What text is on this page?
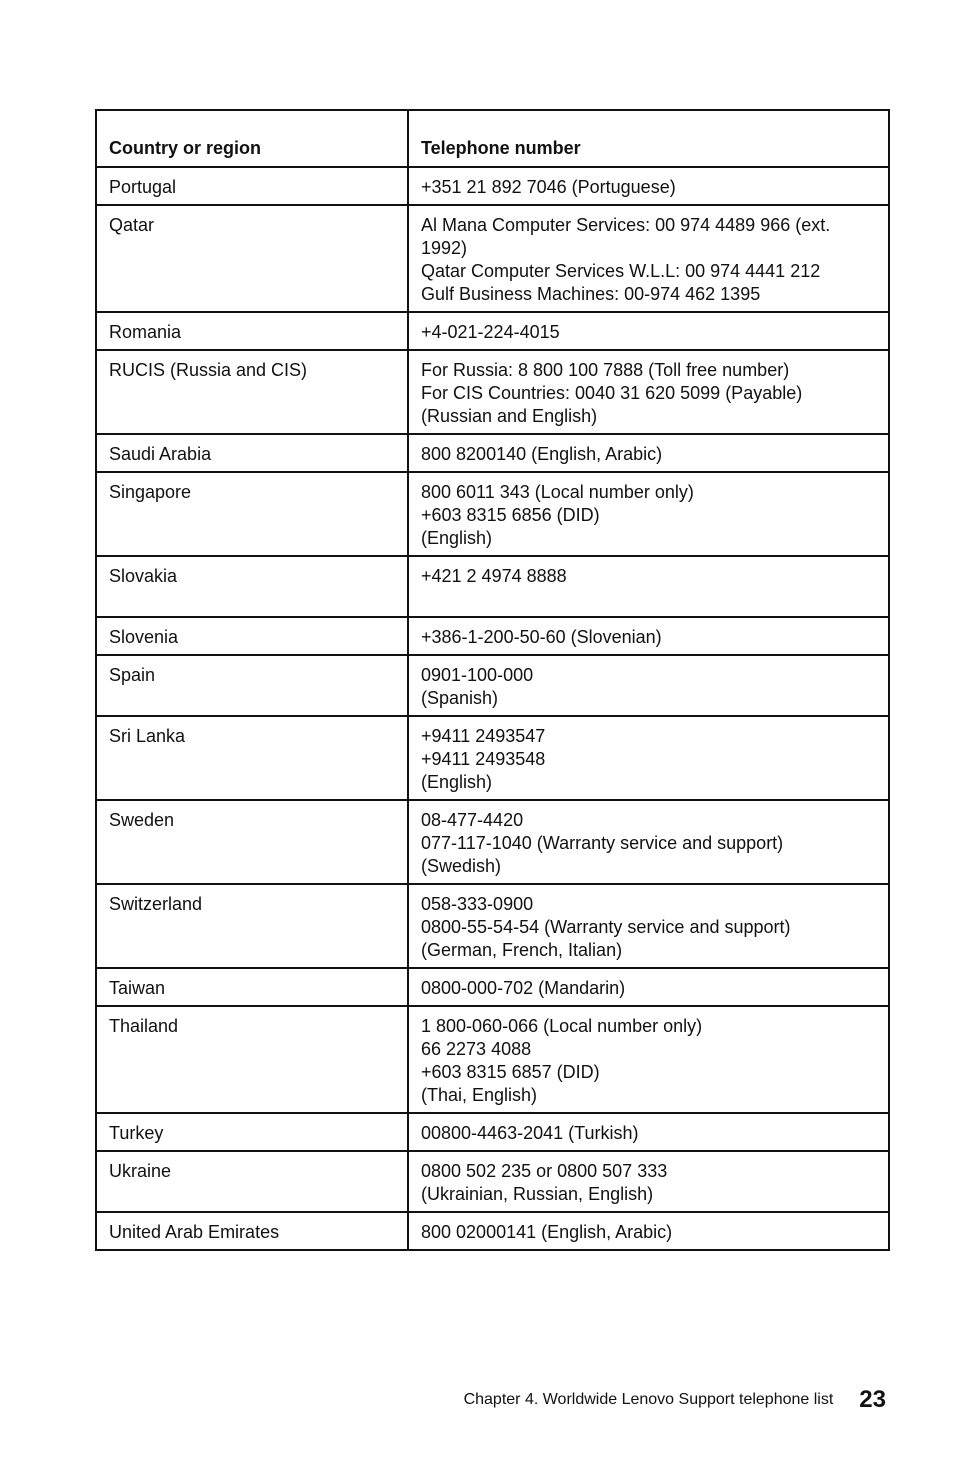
Country or region	Telephone number
Portugal	+351 21 892 7046 (Portuguese)

Qatar	Al Mana Computer Services: 00 974 4489 966 (ext. 1992)
Qatar Computer Services W.L.L: 00 974 4441 212
Gulf Business Machines: 00-974 462 1395

Romania	+4-021-224-4015

RUCIS (Russia and CIS)	For Russia: 8 800 100 7888 (Toll free number)
For CIS Countries: 0040 31 620 5099 (Payable)
(Russian and English)

Saudi Arabia	800 8200140 (English, Arabic)

Singapore	800 6011 343 (Local number only)
+603 8315 6856 (DID)
(English)

Slovakia	+421 2 4974 8888

Slovenia	+386-1-200-50-60 (Slovenian)

Spain	0901-100-000
(Spanish)

Sri Lanka	+9411 2493547
+9411 2493548
(English)

Sweden	08-477-4420
077-117-1040 (Warranty service and support)
(Swedish)

Switzerland	058-333-0900
0800-55-54-54 (Warranty service and support)
(German, French, Italian)

Taiwan	0800-000-702 (Mandarin)

Thailand	1 800-060-066 (Local number only)
66 2273 4088
+603 8315 6857 (DID)
(Thai, English)

Turkey	00800-4463-2041 (Turkish)

Ukraine	0800 502 235 or 0800 507 333
(Ukrainian, Russian, English)

United Arab Emirates	800 02000141 (English, Arabic)
Chapter 4. Worldwide Lenovo Support telephone list 23
